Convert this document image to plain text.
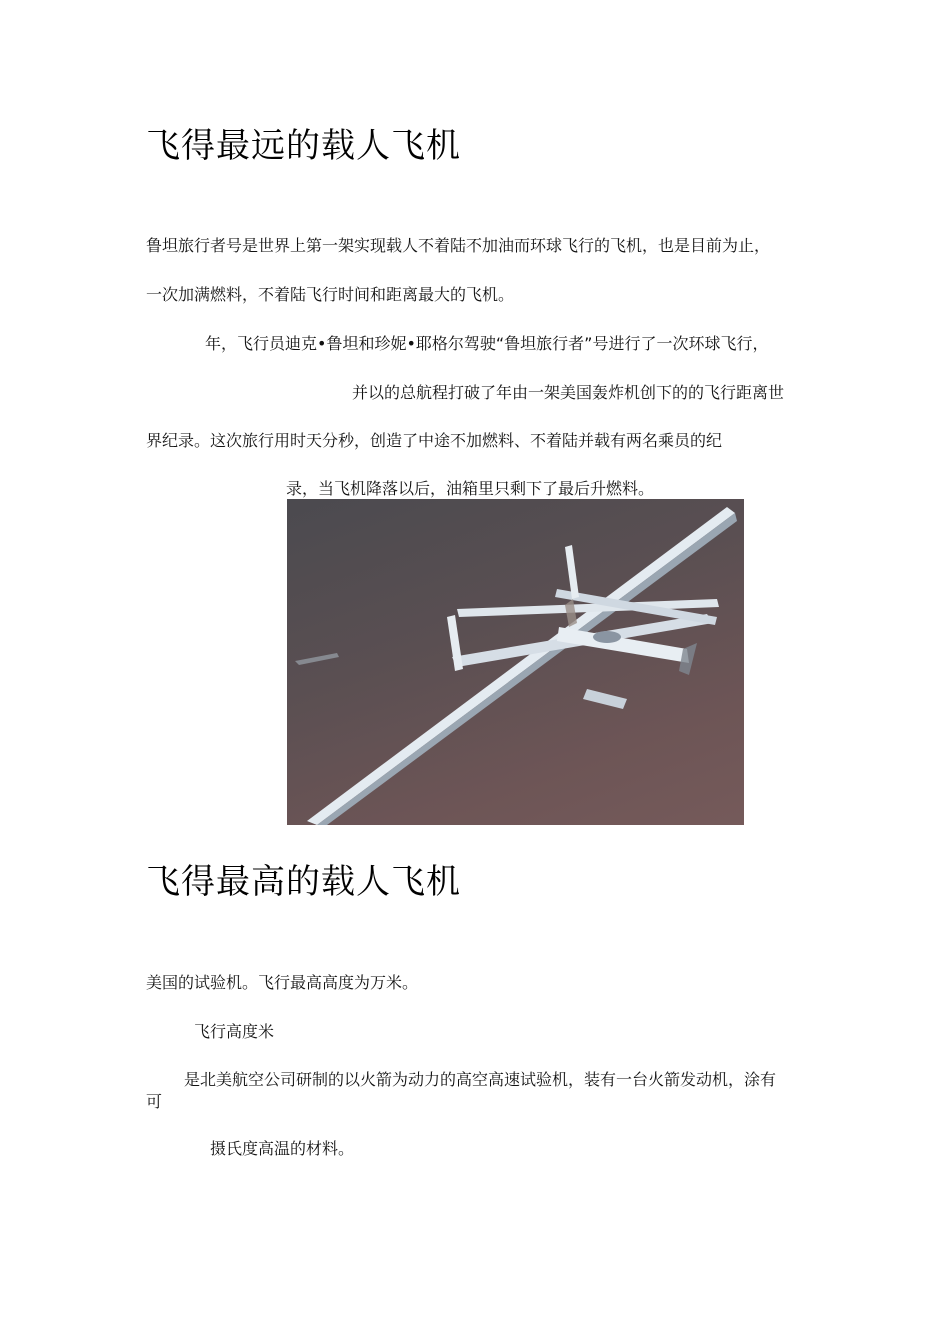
飞得最远的载人飞机

鲁坦旅行者号是世界上第一架实现载人不着陆不加油而环球飞行的飞机，也是目前为止，

一次加满燃料，不着陆飞行时间和距离最大的飞机。

年，飞行员迪克•鲁坦和珍妮•耶格尔驾驶“鲁坦旅行者”号进行了一次环球飞行，

并以的总航程打破了年由一架美国轰炸机创下的的飞行距离世

界纪录。这次旅行用时天分秒，创造了中途不加燃料、不着陆并载有两名乘员的纪

录，当飞机降落以后，油箱里只剩下了最后升燃料。

飞得最高的载人飞机

美国的试验机。飞行最高高度为万米。

飞行高度米

是北美航空公司研制的以火箭为动力的高空高速试验机，装有一台火箭发动机，涂有

可

摄氏度高温的材料。
